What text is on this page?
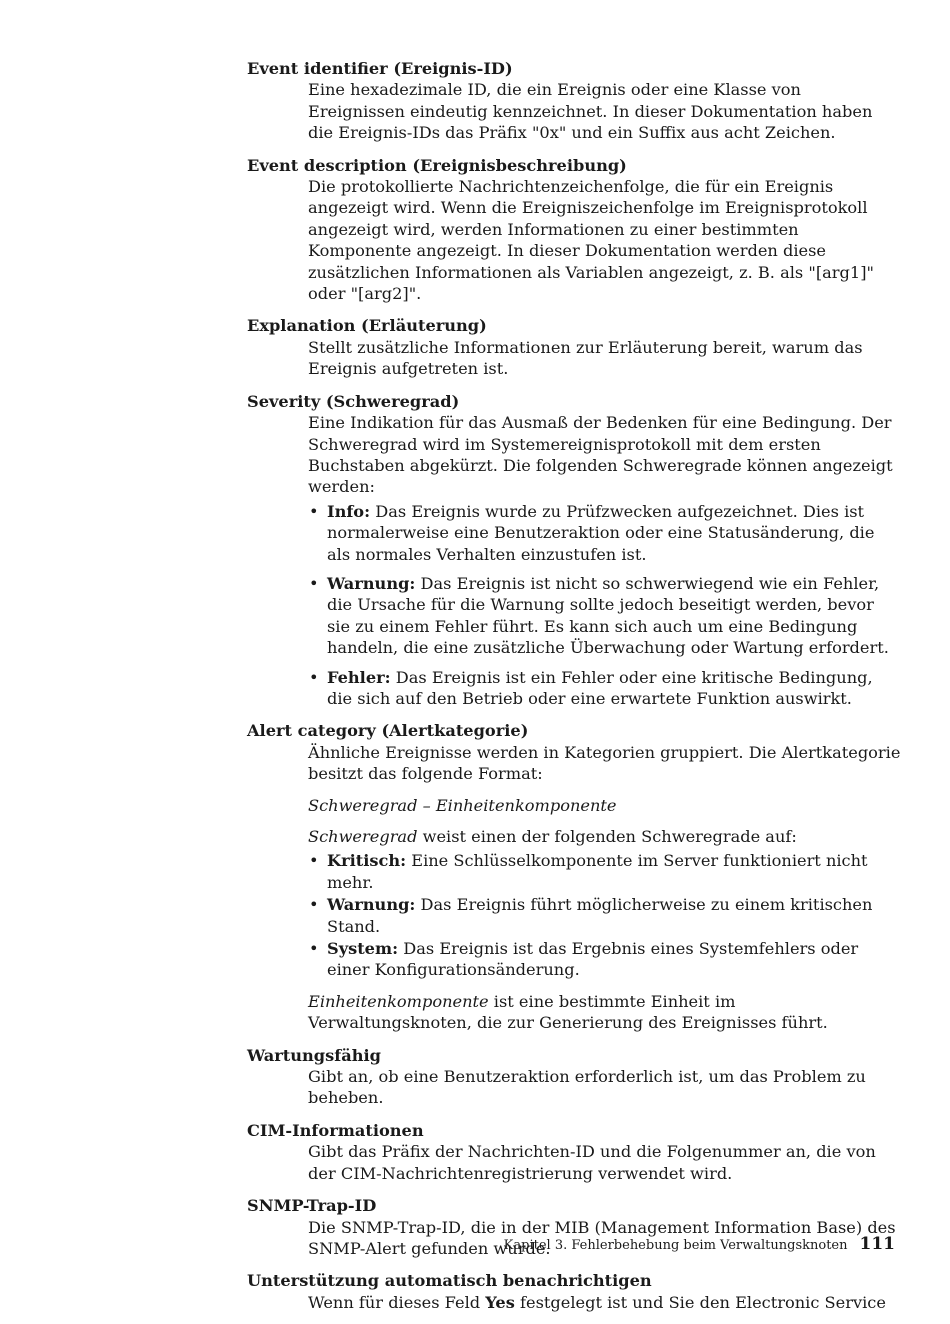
Event identifier (Ereignis-ID)

Eine hexadezimale ID, die ein Ereignis oder eine Klasse von Ereignissen eindeutig kennzeichnet. In dieser Dokumentation haben die Ereignis-IDs das Präfix "0x" und ein Suffix aus acht Zeichen.

Event description (Ereignisbeschreibung)

Die protokollierte Nachrichtenzeichenfolge, die für ein Ereignis angezeigt wird. Wenn die Ereigniszeichenfolge im Ereignisprotokoll angezeigt wird, werden Informationen zu einer bestimmten Komponente angezeigt. In dieser Dokumentation werden diese zusätzlichen Informationen als Variablen angezeigt, z. B. als "[arg1]" oder "[arg2]".

Explanation (Erläuterung)

Stellt zusätzliche Informationen zur Erläuterung bereit, warum das Ereignis aufgetreten ist.

Severity (Schweregrad)

Eine Indikation für das Ausmaß der Bedenken für eine Bedingung. Der Schweregrad wird im Systemereignisprotokoll mit dem ersten Buchstaben abgekürzt. Die folgenden Schweregrade können angezeigt werden:

• Info: Das Ereignis wurde zu Prüfzwecken aufgezeichnet. Dies ist normalerweise eine Benutzeraktion oder eine Statusänderung, die als normales Verhalten einzustufen ist.
• Warnung: Das Ereignis ist nicht so schwerwiegend wie ein Fehler, die Ursache für die Warnung sollte jedoch beseitigt werden, bevor sie zu einem Fehler führt. Es kann sich auch um eine Bedingung handeln, die eine zusätzliche Überwachung oder Wartung erfordert.
• Fehler: Das Ereignis ist ein Fehler oder eine kritische Bedingung, die sich auf den Betrieb oder eine erwartete Funktion auswirkt.
Alert category (Alertkategorie)

Ähnliche Ereignisse werden in Kategorien gruppiert. Die Alertkategorie besitzt das folgende Format:

Schweregrad – Einheitenkomponente

Schweregrad weist einen der folgenden Schweregrade auf:

• Kritisch: Eine Schlüsselkomponente im Server funktioniert nicht mehr.
• Warnung: Das Ereignis führt möglicherweise zu einem kritischen Stand.
• System: Das Ereignis ist das Ergebnis eines Systemfehlers oder einer Konfigurationsänderung.

Einheitenkomponente ist eine bestimmte Einheit im Verwaltungsknoten, die zur Generierung des Ereignisses führt.

Wartungsfähig

Gibt an, ob eine Benutzeraktion erforderlich ist, um das Problem zu beheben.

CIM-Informationen

Gibt das Präfix der Nachrichten-ID und die Folgenummer an, die von der CIM-Nachrichtenregistrierung verwendet wird.

SNMP-Trap-ID

Die SNMP-Trap-ID, die in der MIB (Management Information Base) des SNMP-Alert gefunden wurde.

Unterstützung automatisch benachrichtigen

Wenn für dieses Feld Yes festgelegt ist und Sie den Electronic Service

Kapitel 3. Fehlerbehebung beim Verwaltungsknoten 111
